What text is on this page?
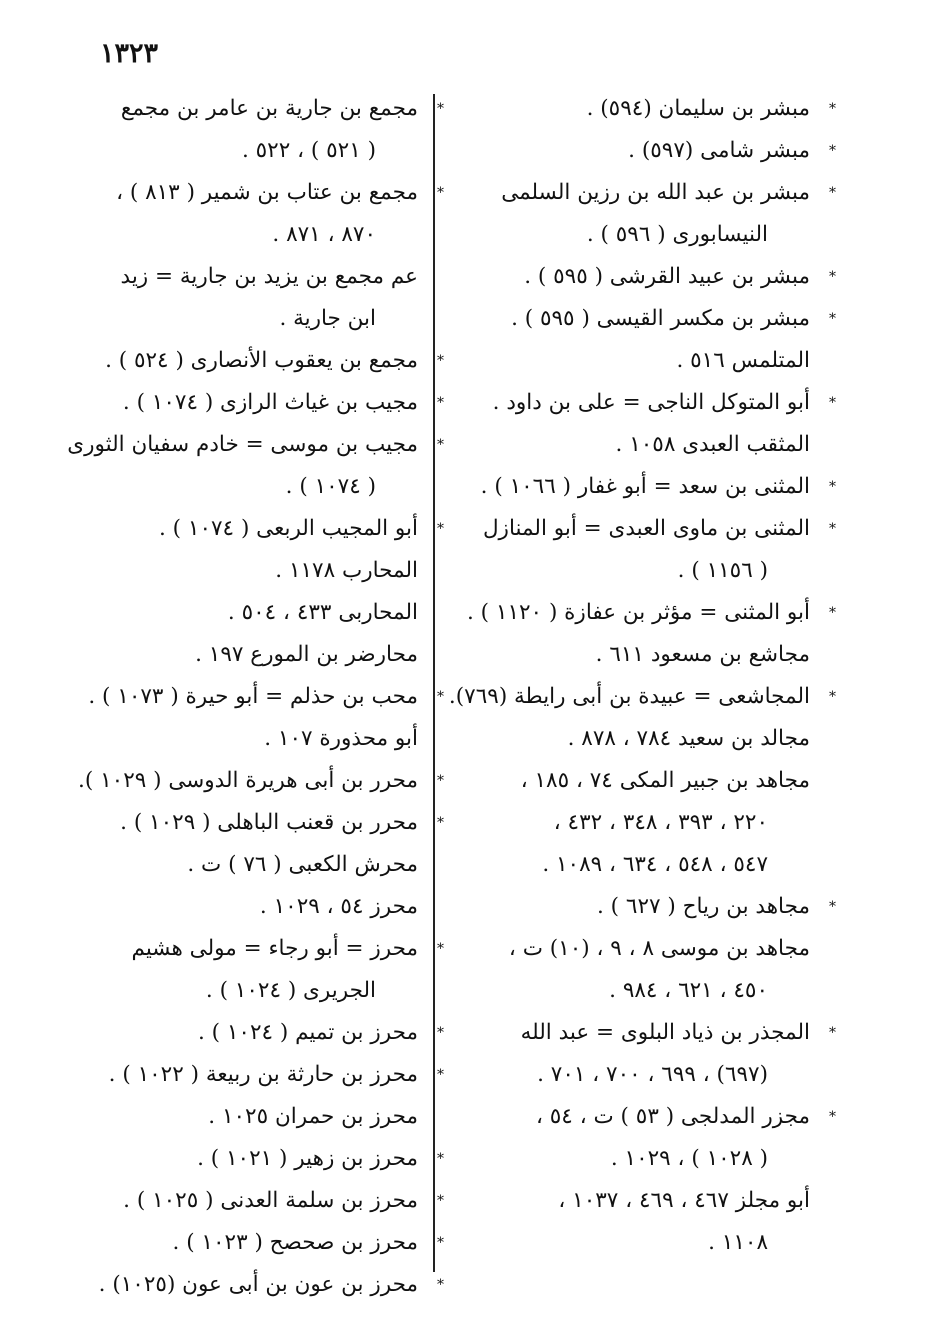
١٣٢٣
*
مبشر بن سليمان (٥٩٤) .
*
مبشر شامى (٥٩٧) .
*
مبشر بن عبد الله بن رزين السلمى
النيسابورى ( ٥٩٦ ) .
*
مبشر بن عبيد القرشى ( ٥٩٥ ) .
*
مبشر بن مكسر القيسى ( ٥٩٥ ) .
المتلمس ٥١٦ .
*
أبو المتوكل الناجى = على بن داود .
المثقب العبدى ١٠٥٨ .
*
المثنى بن سعد = أبو غفار ( ١٠٦٦ ) .
*
المثنى بن ماوى العبدى = أبو المنازل
( ١١٥٦ ) .
*
أبو المثنى = مؤثر بن عفازة ( ١١٢٠ ) .
مجاشع بن مسعود ٦١١ .
*
المجاشعى = عبيدة بن أبى رايطة (٧٦٩).
مجالد بن سعيد ٧٨٤ ، ٨٧٨ .
مجاهد بن جبير المكى ٧٤ ، ١٨٥ ،
٢٢٠ ، ٣٩٣ ، ٣٤٨ ، ٤٣٢ ،
٥٤٧ ، ٥٤٨ ، ٦٣٤ ، ١٠٨٩ .
*
مجاهد بن رياح ( ٦٢٧ ) .
مجاهد بن موسى ٨ ، ٩ ، (١٠) ت ،
٤٥٠ ، ٦٢١ ، ٩٨٤ .
*
المجذر بن ذياد البلوى = عبد الله
(٦٩٧) ، ٦٩٩ ، ٧٠٠ ، ٧٠١ .
*
مجزر المدلجى ( ٥٣ ) ت ، ٥٤ ،
( ١٠٢٨ ) ، ١٠٢٩ .
أبو مجلز ٤٦٧ ، ٤٦٩ ، ١٠٣٧ ،
١١٠٨ .
*
مجمع بن جارية بن عامر بن مجمع
( ٥٢١ ) ، ٥٢٢ .
*
مجمع بن عتاب بن شمير ( ٨١٣ ) ،
٨٧٠ ، ٨٧١ .
عم مجمع بن يزيد بن جارية = زيد
ابن جارية .
*
مجمع بن يعقوب الأنصارى ( ٥٢٤ ) .
*
مجيب بن غياث الرازى ( ١٠٧٤ ) .
*
مجيب بن موسى = خادم سفيان الثورى
( ١٠٧٤ ) .
*
أبو المجيب الربعى ( ١٠٧٤ ) .
المحارب ١١٧٨ .
المحاربى ٤٣٣ ، ٥٠٤ .
محارضر بن المورع ١٩٧ .
*
محب بن حذلم = أبو حيرة ( ١٠٧٣ ) .
أبو محذورة ١٠٧ .
*
محرر بن أبى هريرة الدوسى ( ١٠٢٩ ).
*
محرر بن قعنب الباهلى ( ١٠٢٩ ) .
محرش الكعبى ( ٧٦ ) ت .
محرز ٥٤ ، ١٠٢٩ .
*
محرز = أبو رجاء = مولى هشيم
الجريرى ( ١٠٢٤ ) .
*
محرز بن تميم ( ١٠٢٤ ) .
*
محرز بن حارثة بن ربيعة ( ١٠٢٢ ) .
محرز بن حمران ١٠٢٥ .
*
محرز بن زهير ( ١٠٢١ ) .
*
محرز بن سلمة العدنى ( ١٠٢٥ ) .
*
محرز بن صحصح ( ١٠٢٣ ) .
*
محرز بن عون بن أبى عون (١٠٢٥) .
